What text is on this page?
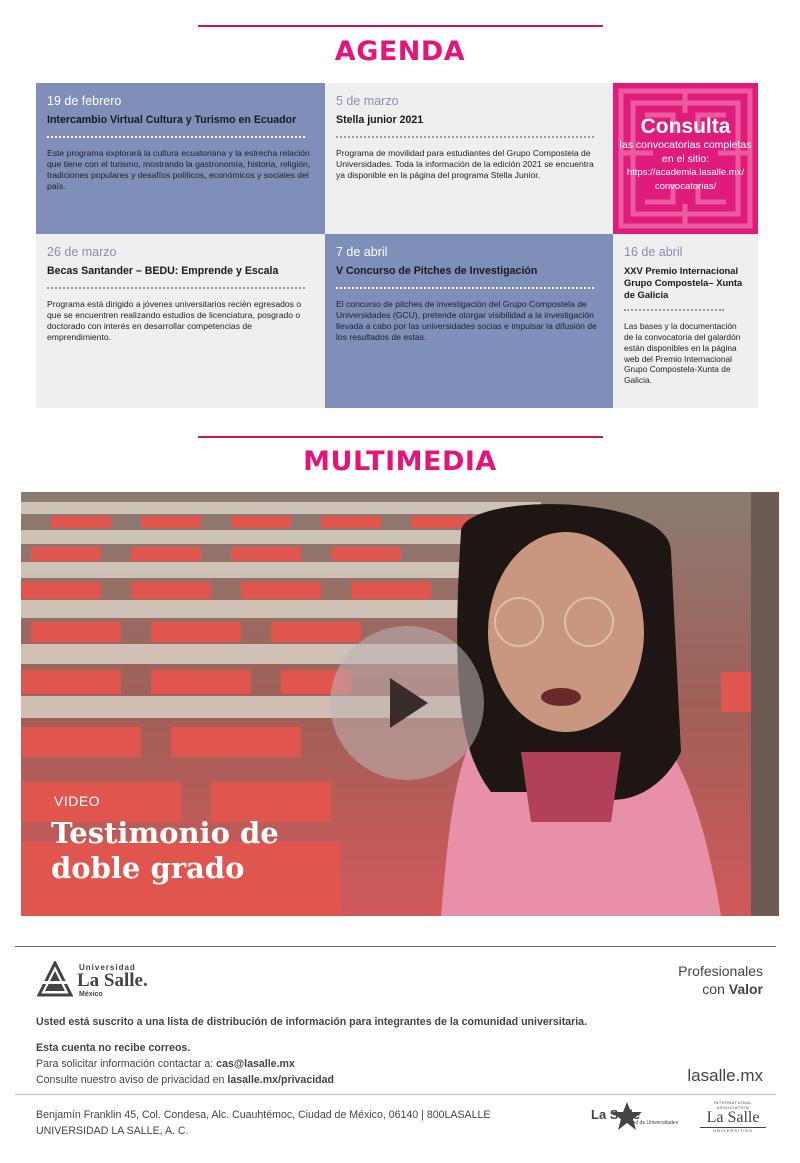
AGENDA
19 de febrero
Intercambio Virtual Cultura y Turismo en Ecuador
Este programa explorará la cultura ecuatoriana y la estrecha relación que tiene con el turismo, mostrando la gastronomía, historia, religión, tradiciones populares y desafíos políticos, económicos y sociales del país.
5 de marzo
Stella junior 2021
Programa de movilidad para estudiantes del Grupo Compostela de Universidades. Toda la información de la edición 2021 se encuentra ya disponible en la página del programa Stella Junior.
Consulta
las convocatorias completas en el sitio:
https://academia.lasalle.mx/
convocatorias/
26 de marzo
Becas Santander – BEDU: Emprende y Escala
Programa está dirigido a jóvenes universitarios recién egresados o que se encuentren realizando estudios de licenciatura, posgrado o doctorado con interés en desarrollar competencias de emprendimiento.
7 de abril
V Concurso de Pitches de Investigación
El concurso de pitches de investigación del Grupo Compostela de Universidades (GCU), pretende otorgar visibilidad a la investigación llevada a cabo por las universidades socias e impulsar la difusión de los resultados de estas.
16 de abril
XXV Premio Internacional Grupo Compostela– Xunta de Galicia
Las bases y la documentación de la convocatoria del galardón están disponibles en la página web del Premio Internacional Grupo Compostela-Xunta de Galicia.
MULTIMEDIA
VIDEO
Testimonio de doble grado
Universidad
La Salle.
México
Profesionales
con Valor
Usted está suscrito a una lista de distribución de información para integrantes de la comunidad universitaria.
Esta cuenta no recibe correos.
Para solicitar información contactar a: cas@lasalle.mx
Consulte nuestro aviso de privacidad en lasalle.mx/privacidad	lasalle.mx
Benjamín Franklin 45, Col. Condesa, Alc. Cuauhtémoc, Ciudad de México, 06140 | 800LASALLE
UNIVERSIDAD LA SALLE, A. C.
La Salle
Red de Universidades
INTERNATIONAL ASSOCIATION
La Salle
UNIVERSITIES
